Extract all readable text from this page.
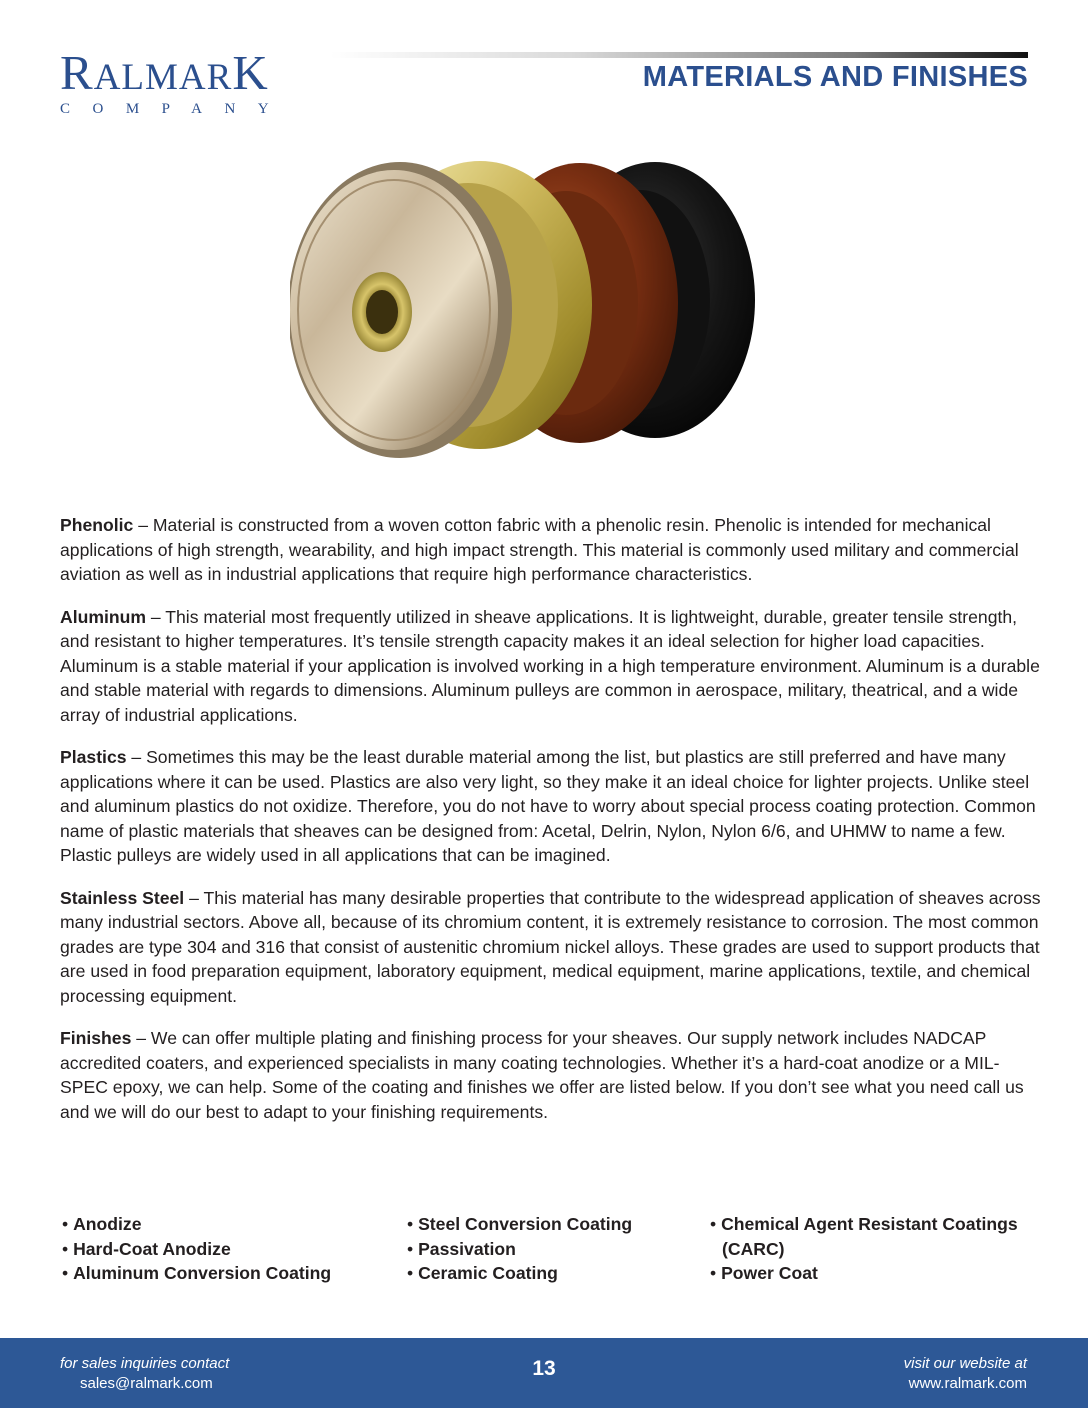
RALMARK
COMPANY
MATERIALS AND FINISHES

Phenolic – Material is constructed from a woven cotton fabric with a phenolic resin. Phenolic is intended for mechanical applications of high strength, wearability, and high impact strength. This material is commonly used military and commercial aviation as well as in industrial applications that require high performance characteristics.

Aluminum – This material most frequently utilized in sheave applications. It is lightweight, durable, greater tensile strength, and resistant to higher temperatures. It’s tensile strength capacity makes it an ideal selection for higher load capacities. Aluminum is a stable material if your application is involved working in a high temperature environment. Aluminum is a durable and stable material with regards to dimensions. Aluminum pulleys are common in aerospace, military, theatrical, and a wide array of industrial applications.

Plastics – Sometimes this may be the least durable material among the list, but plastics are still preferred and have many applications where it can be used. Plastics are also very light, so they make it an ideal choice for lighter projects. Unlike steel and aluminum plastics do not oxidize. Therefore, you do not have to worry about special process coating protection. Common name of plastic materials that sheaves can be designed from: Acetal, Delrin, Nylon, Nylon 6/6, and UHMW to name a few. Plastic pulleys are widely used in all applications that can be imagined.

Stainless Steel – This material has many desirable properties that contribute to the widespread application of sheaves across many industrial sectors. Above all, because of its chromium content, it is extremely resistance to corrosion. The most common grades are type 304 and 316 that consist of austenitic chromium nickel alloys. These grades are used to support products that are used in food preparation equipment, laboratory equipment, medical equipment, marine applications, textile, and chemical processing equipment.

Finishes – We can offer multiple plating and finishing process for your sheaves. Our supply network includes NADCAP accredited coaters, and experienced specialists in many coating technologies. Whether it’s a hard-coat anodize or a MIL-SPEC epoxy, we can help. Some of the coating and finishes we offer are listed below. If you don’t see what you need call us and we will do our best to adapt to your finishing requirements.

• Anodize
• Hard-Coat Anodize
• Aluminum Conversion Coating
• Steel Conversion Coating
• Passivation
• Ceramic Coating
• Chemical Agent Resistant Coatings
(CARC)
• Power Coat
for sales inquiries contact
sales@ralmark.com
13	visit our website at
www.ralmark.com
